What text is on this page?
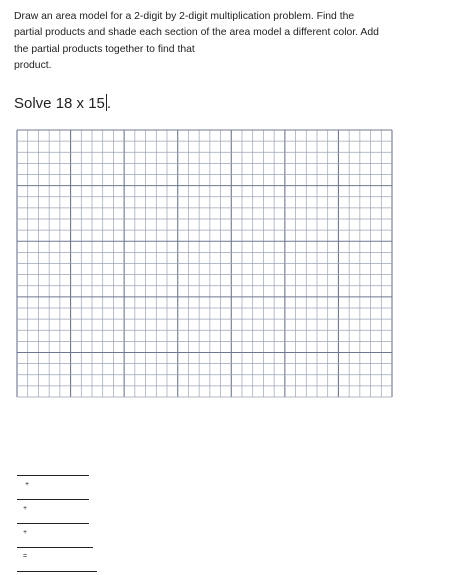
Draw an area model for a 2-digit by 2-digit multiplication problem. Find the
partial products and shade each section of the area model a different color. Add
the partial products together to find that
product.
Solve 18 x 15 .

+

+

+

=
